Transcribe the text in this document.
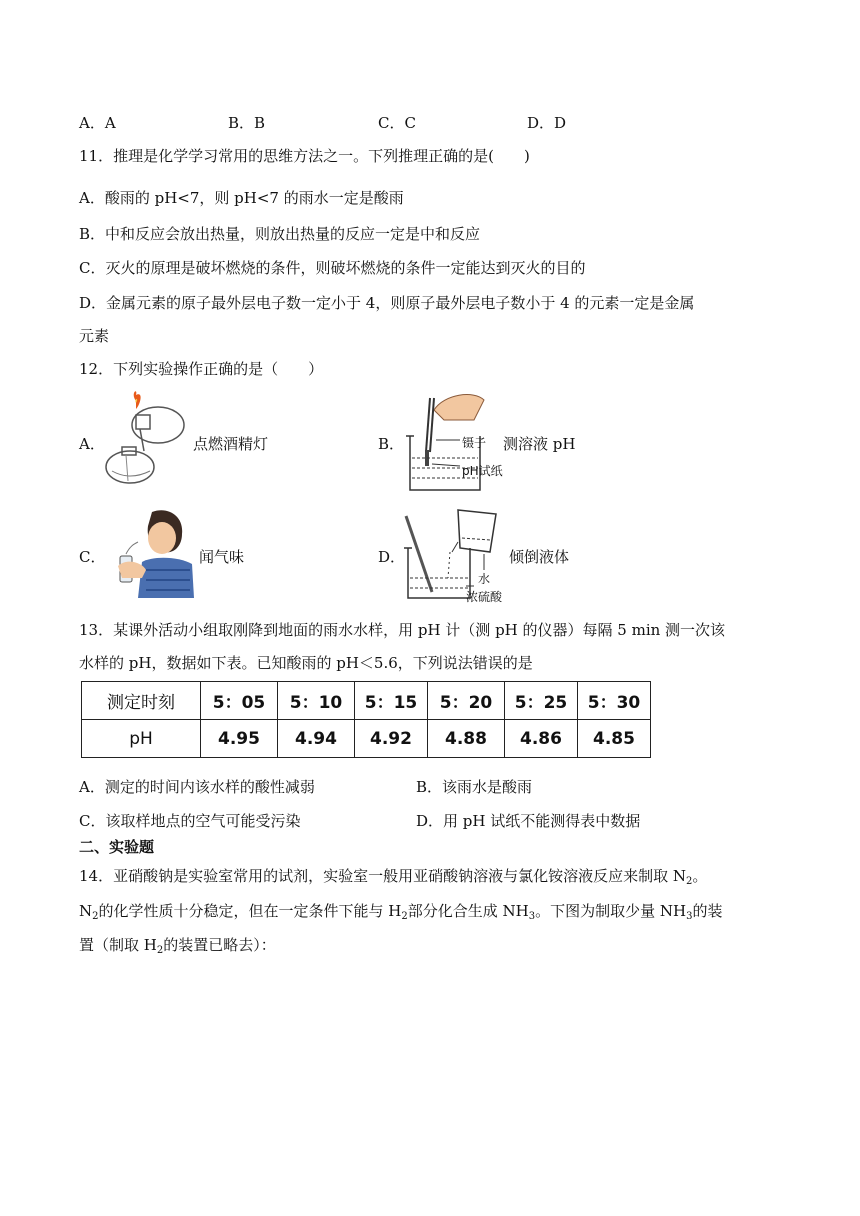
A．A	B．B	C．C	D．D
11．推理是化学学习常用的思维方法之一。下列推理正确的是(　　)
A．酸雨的 pH<7，则 pH<7 的雨水一定是酸雨
B．中和反应会放出热量，则放出热量的反应一定是中和反应
C．灭火的原理是破坏燃烧的条件，则破坏燃烧的条件一定能达到灭火的目的
D．金属元素的原子最外层电子数一定小于 4，则原子最外层电子数小于 4 的元素一定是金属
元素
12．下列实验操作正确的是（　　）
A．	点燃酒精灯	B．	镊子
pH试纸
测溶液 pH
C．	闻气味	D．
水
浓硫酸
倾倒液体
13．某课外活动小组取刚降到地面的雨水水样，用 pH 计（测 pH 的仪器）每隔 5 min 测一次该
水样的 pH，数据如下表。已知酸雨的 pH＜5.6，下列说法错误的是
测定时刻	5：05	5：10	5：15	5：20	5：25	5：30
pH	4.95	4.94	4.92	4.88	4.86	4.85
A．测定的时间内该水样的酸性减弱	B．该雨水是酸雨
C．该取样地点的空气可能受污染	D．用 pH 试纸不能测得表中数据
二、实验题
14．亚硝酸钠是实验室常用的试剂，实验室一般用亚硝酸钠溶液与氯化铵溶液反应来制取 $N_2$。
$N_2$的化学性质十分稳定，但在一定条件下能与 $H_2$部分化合生成 $NH_3$。下图为制取少量 $NH_3$的装
置（制取 $H_2$的装置已略去）：
